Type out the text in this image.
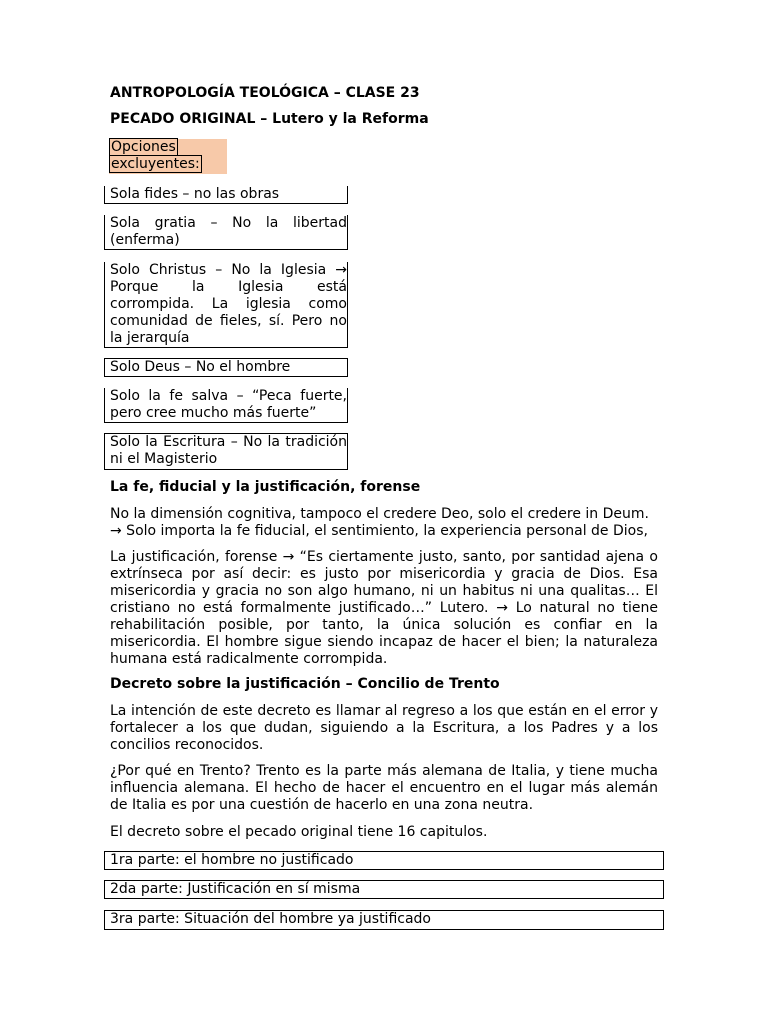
ANTROPOLOGÍA TEOLÓGICA – CLASE 23
PECADO ORIGINAL – Lutero y la Reforma
Opciones
excluyentes:

Sola fides – no las obras

Sola gratia – No la libertad (enferma)

Solo Christus – No la Iglesia → Porque la Iglesia está corrompida. La iglesia como comunidad de fieles, sí. Pero no la jerarquía

Solo Deus – No el hombre

Solo la fe salva – “Peca fuerte, pero cree mucho más fuerte”

Solo la Escritura – No la tradición ni el Magisterio

La fe, fiducial y la justificación, forense

No la dimensión cognitiva, tampoco el credere Deo, solo el credere in Deum.

→ Solo importa la fe fiducial, el sentimiento, la experiencia personal de Dios,

La justificación, forense → “Es ciertamente justo, santo, por santidad ajena o extrínseca por así decir: es justo por misericordia y gracia de Dios. Esa misericordia y gracia no son algo humano, ni un habitus ni una qualitas… El cristiano no está formalmente justificado…” Lutero. → Lo natural no tiene rehabilitación posible, por tanto, la única solución es confiar en la misericordia. El hombre sigue siendo incapaz de hacer el bien; la naturaleza humana está radicalmente corrompida.

Decreto sobre la justificación – Concilio de Trento

La intención de este decreto es llamar al regreso a los que están en el error y fortalecer a los que dudan, siguiendo a la Escritura, a los Padres y a los concilios reconocidos.

¿Por qué en Trento? Trento es la parte más alemana de Italia, y tiene mucha influencia alemana. El hecho de hacer el encuentro en el lugar más alemán de Italia es por una cuestión de hacerlo en una zona neutra.

El decreto sobre el pecado original tiene 16 capitulos.

1ra parte: el hombre no justificado

2da parte: Justificación en sí misma

3ra parte: Situación del hombre ya justificado
